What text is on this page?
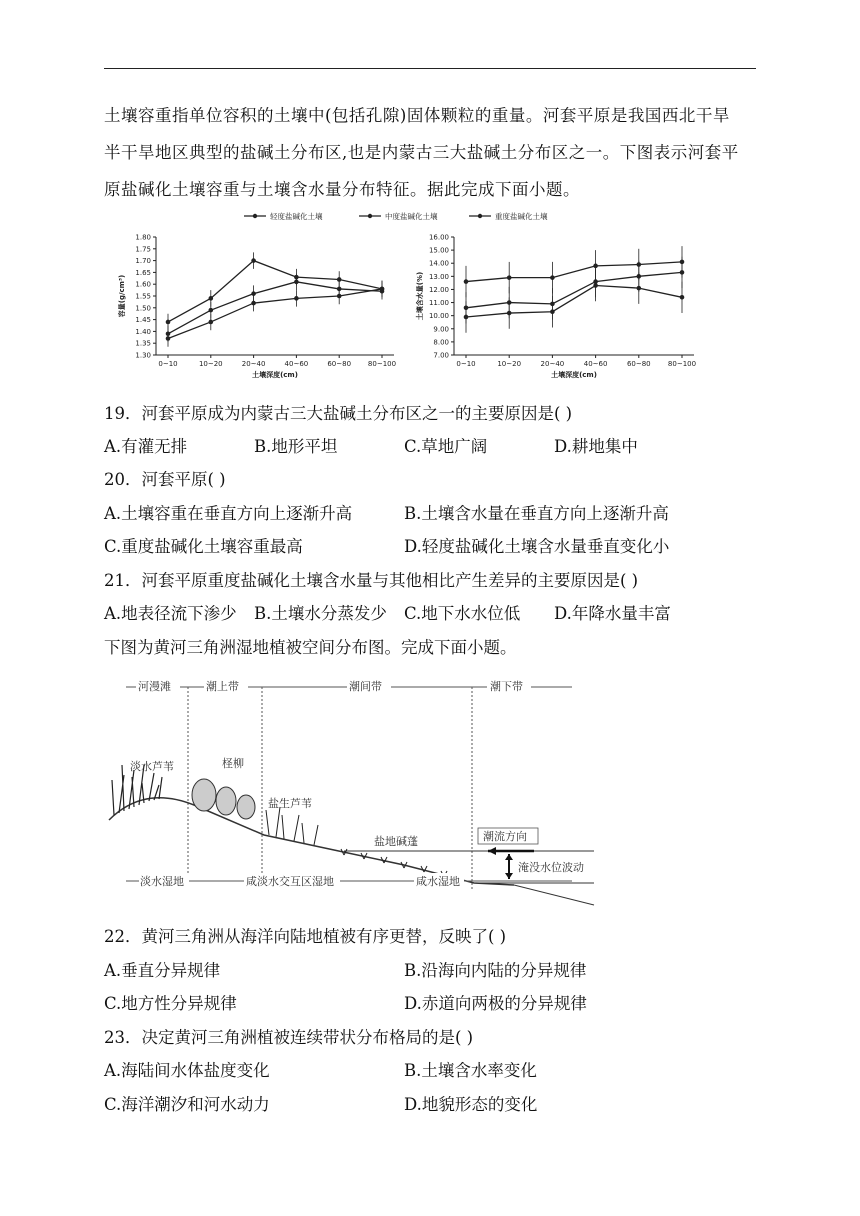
土壤容重指单位容积的土壤中(包括孔隙)固体颗粒的重量。河套平原是我国西北干旱
半干旱地区典型的盐碱土分布区,也是内蒙古三大盐碱土分布区之一。下图表示河套平
原盐碱化土壤容重与土壤含水量分布特征。据此完成下面小题。
轻度盐碱化土壤	中度盐碱化土壤	重度盐碱化土壤
1.30
1.35
1.40
1.45
1.50
1.55
1.60
1.65
1.70
1.75
1.80
0~10	10~20	20~40	40~60	60~80 80~100
土壤深度(cm)
容量(g/cm³)
7.00
8.00
9.00
10.00
11.00
12.00
13.00
14.00
15.00
16.00
0~10	10~20	20~40	40~60	60~80 80~100
土壤深度(cm)
土壤含水量(%)
19．河套平原成为内蒙古三大盐碱土分布区之一的主要原因是( )
A.有灌无排	B.地形平坦	C.草地广阔	D.耕地集中
20．河套平原( )
A.土壤容重在垂直方向上逐渐升高	B.土壤含水量在垂直方向上逐渐升高
C.重度盐碱化土壤容重最高	D.轻度盐碱化土壤含水量垂直变化小
21．河套平原重度盐碱化土壤含水量与其他相比产生差异的主要原因是( )
A.地表径流下渗少 B.土壤水分蒸发少 C.地下水水位低 D.年降水量丰富
下图为黄河三角洲湿地植被空间分布图。完成下面小题。
河漫滩	潮上带	潮间带	潮下带
淡水芦苇	柽柳
盐生芦苇
盐地碱蓬	潮流方向
淹没水位波动
淡水湿地	咸淡水交互区湿地	咸水湿地
22．黄河三角洲从海洋向陆地植被有序更替，反映了( )
A.垂直分异规律	B.沿海向内陆的分异规律
C.地方性分异规律	D.赤道向两极的分异规律
23．决定黄河三角洲植被连续带状分布格局的是( )
A.海陆间水体盐度变化	B.土壤含水率变化
C.海洋潮汐和河水动力	D.地貌形态的变化
